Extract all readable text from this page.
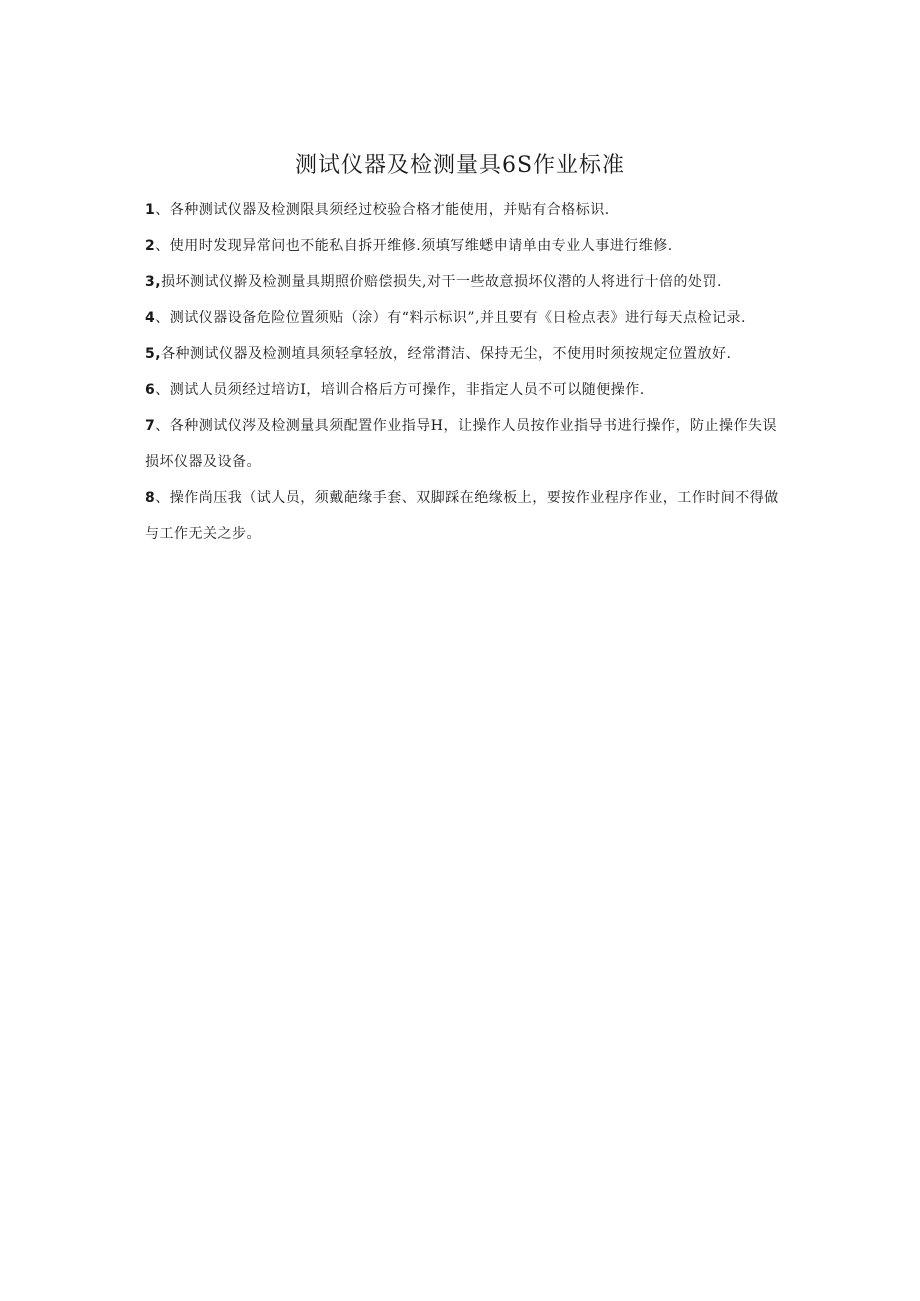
测试仪器及检测量具6S作业标准

1、各种测试仪器及检测限具须经过校验合格才能使用，并贴有合格标识.

2、使用时发现异常问也不能私自拆开维修.须填写维蟋申请单由专业人事进行维修.

3,损坏测试仪擀及检测量具期照价赔偿损失,对干一些故意损坏仪潜的人将进行十倍的处罚.

4、测试仪器设备危险位置须贴（涂）有“料示标识”,并且要有《日检点表》进行每天点检记录.

5,各种测试仪器及检测埴具须轻拿轻放，经常潸洁、保持无尘，不使用时须按规定位置放好.

6、测试人员须经过培访I，培训合格后方可操作，非指定人员不可以随便操作.

7、各种测试仪涔及检测量具须配置作业指导H，让操作人员按作业指导书进行操作，防止操作失误损坏仪器及设备。

8、操作尚压我（试人员，须戴葩缘手套、双脚踩在绝缘板上，要按作业程序作业，工作时间不得做与工作无关之步。
